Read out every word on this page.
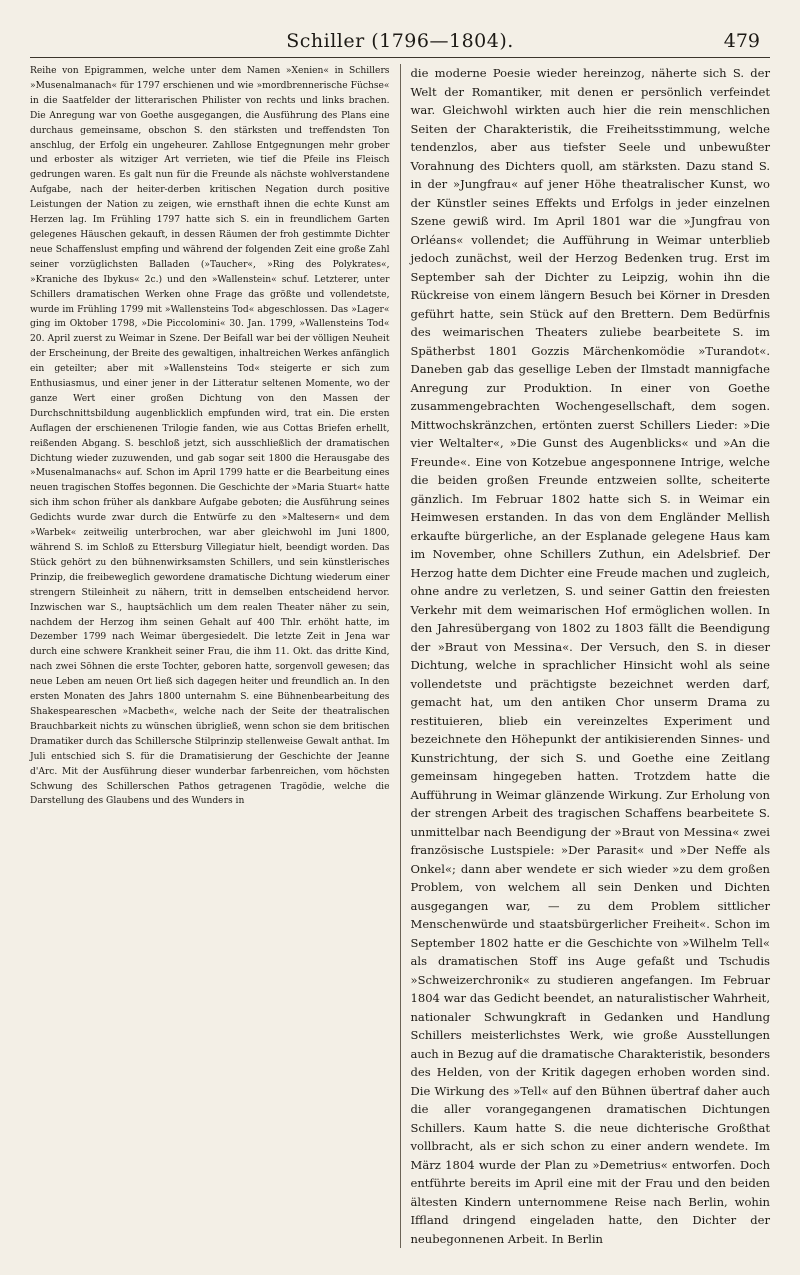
Schiller (1796—1804).	479

Reihe von Epigrammen, welche unter dem Namen »Xenien« in Schillers »Musenalmanach« für 1797 erschienen und wie »mordbrennerische Füchse« in die Saatfelder der litterarischen Philister von rechts und links brachen. Die Anregung war von Goethe ausgegangen, die Ausführung des Plans eine durchaus gemeinsame, obschon S. den stärksten und treffendsten Ton anschlug, der Erfolg ein ungeheurer. Zahllose Entgegnungen mehr grober und erboster als witziger Art verrieten, wie tief die Pfeile ins Fleisch gedrungen waren. Es galt nun für die Freunde als nächste wohlverstandene Aufgabe, nach der heiter-derben kritischen Negation durch positive Leistungen der Nation zu zeigen, wie ernsthaft ihnen die echte Kunst am Herzen lag. Im Frühling 1797 hatte sich S. ein in freundlichem Garten gelegenes Häuschen gekauft, in dessen Räumen der froh gestimmte Dichter neue Schaffenslust empfing und während der folgenden Zeit eine große Zahl seiner vorzüglichsten Balladen (»Taucher«, »Ring des Polykrates«, »Kraniche des Ibykus« 2c.) und den »Wallenstein« schuf. Letzterer, unter Schillers dramatischen Werken ohne Frage das größte und vollendetste, wurde im Frühling 1799 mit »Wallensteins Tod« abgeschlossen. Das »Lager« ging im Oktober 1798, »Die Piccolomini« 30. Jan. 1799, »Wallensteins Tod« 20. April zuerst zu Weimar in Szene. Der Beifall war bei der völligen Neuheit der Erscheinung, der Breite des gewaltigen, inhaltreichen Werkes anfänglich ein geteilter; aber mit »Wallensteins Tod« steigerte er sich zum Enthusiasmus, und einer jener in der Litteratur seltenen Momente, wo der ganze Wert einer großen Dichtung von den Massen der Durchschnittsbildung augenblicklich empfunden wird, trat ein. Die ersten Auflagen der erschienenen Trilogie fanden, wie aus Cottas Briefen erhellt, reißenden Abgang. S. beschloß jetzt, sich ausschließlich der dramatischen Dichtung wieder zuzuwenden, und gab sogar seit 1800 die Herausgabe des »Musenalmanachs« auf. Schon im April 1799 hatte er die Bearbeitung eines neuen tragischen Stoffes begonnen. Die Geschichte der »Maria Stuart« hatte sich ihm schon früher als dankbare Aufgabe geboten; die Ausführung seines Gedichts wurde zwar durch die Entwürfe zu den »Maltesern« und dem »Warbek« zeitweilig unterbrochen, war aber gleichwohl im Juni 1800, während S. im Schloß zu Ettersburg Villegiatur hielt, beendigt worden. Das Stück gehört zu den bühnenwirksamsten Schillers, und sein künstlerisches Prinzip, die freibeweglich gewordene dramatische Dichtung wiederum einer strengern Stileinheit zu nähern, tritt in demselben entscheidend hervor. Inzwischen war S., hauptsächlich um dem realen Theater näher zu sein, nachdem der Herzog ihm seinen Gehalt auf 400 Thlr. erhöht hatte, im Dezember 1799 nach Weimar übergesiedelt. Die letzte Zeit in Jena war durch eine schwere Krankheit seiner Frau, die ihm 11. Okt. das dritte Kind, nach zwei Söhnen die erste Tochter, geboren hatte, sorgenvoll gewesen; das neue Leben am neuen Ort ließ sich dagegen heiter und freundlich an. In den ersten Monaten des Jahrs 1800 unternahm S. eine Bühnenbearbeitung des Shakespeareschen »Macbeth«, welche nach der Seite der theatralischen Brauchbarkeit nichts zu wünschen übrigließ, wenn schon sie dem britischen Dramatiker durch das Schillersche Stilprinzip stellenweise Gewalt anthat. Im Juli entschied sich S. für die Dramatisierung der Geschichte der Jeanne d'Arc. Mit der Ausführung dieser wunderbar farbenreichen, vom höchsten Schwung des Schillerschen Pathos getragenen Tragödie, welche die Darstellung des Glaubens und des Wunders in

die moderne Poesie wieder hereinzog, näherte sich S. der Welt der Romantiker, mit denen er persönlich verfeindet war. Gleichwohl wirkten auch hier die rein menschlichen Seiten der Charakteristik, die Freiheitsstimmung, welche tendenzlos, aber aus tiefster Seele und unbewußter Vorahnung des Dichters quoll, am stärksten. Dazu stand S. in der »Jungfrau« auf jener Höhe theatralischer Kunst, wo der Künstler seines Effekts und Erfolgs in jeder einzelnen Szene gewiß wird. Im April 1801 war die »Jungfrau von Orléans« vollendet; die Aufführung in Weimar unterblieb jedoch zunächst, weil der Herzog Bedenken trug. Erst im September sah der Dichter zu Leipzig, wohin ihn die Rückreise von einem längern Besuch bei Körner in Dresden geführt hatte, sein Stück auf den Brettern. Dem Bedürfnis des weimarischen Theaters zuliebe bearbeitete S. im Spätherbst 1801 Gozzis Märchenkomödie »Turandot«. Daneben gab das gesellige Leben der Ilmstadt mannigfache Anregung zur Produktion. In einer von Goethe zusammengebrachten Wochengesellschaft, dem sogen. Mittwochskränzchen, ertönten zuerst Schillers Lieder: »Die vier Weltalter«, »Die Gunst des Augenblicks« und »An die Freunde«. Eine von Kotzebue angesponnene Intrige, welche die beiden großen Freunde entzweien sollte, scheiterte gänzlich. Im Februar 1802 hatte sich S. in Weimar ein Heimwesen erstanden. In das von dem Engländer Mellish erkaufte bürgerliche, an der Esplanade gelegene Haus kam im November, ohne Schillers Zuthun, ein Adelsbrief. Der Herzog hatte dem Dichter eine Freude machen und zugleich, ohne andre zu verletzen, S. und seiner Gattin den freiesten Verkehr mit dem weimarischen Hof ermöglichen wollen. In den Jahresübergang von 1802 zu 1803 fällt die Beendigung der »Braut von Messina«. Der Versuch, den S. in dieser Dichtung, welche in sprachlicher Hinsicht wohl als seine vollendetste und prächtigste bezeichnet werden darf, gemacht hat, um den antiken Chor unserm Drama zu restituieren, blieb ein vereinzeltes Experiment und bezeichnete den Höhepunkt der antikisierenden Sinnes- und Kunstrichtung, der sich S. und Goethe eine Zeitlang gemeinsam hingegeben hatten. Trotzdem hatte die Aufführung in Weimar glänzende Wirkung. Zur Erholung von der strengen Arbeit des tragischen Schaffens bearbeitete S. unmittelbar nach Beendigung der »Braut von Messina« zwei französische Lustspiele: »Der Parasit« und »Der Neffe als Onkel«; dann aber wendete er sich wieder »zu dem großen Problem, von welchem all sein Denken und Dichten ausgegangen war, — zu dem Problem sittlicher Menschenwürde und staatsbürgerlicher Freiheit«. Schon im September 1802 hatte er die Geschichte von »Wilhelm Tell« als dramatischen Stoff ins Auge gefaßt und Tschudis »Schweizerchronik« zu studieren angefangen. Im Februar 1804 war das Gedicht beendet, an naturalistischer Wahrheit, nationaler Schwungkraft in Gedanken und Handlung Schillers meisterlichstes Werk, wie große Ausstellungen auch in Bezug auf die dramatische Charakteristik, besonders des Helden, von der Kritik dagegen erhoben worden sind. Die Wirkung des »Tell« auf den Bühnen übertraf daher auch die aller vorangegangenen dramatischen Dichtungen Schillers. Kaum hatte S. die neue dichterische Großthat vollbracht, als er sich schon zu einer andern wendete. Im März 1804 wurde der Plan zu »Demetrius« entworfen. Doch entführte bereits im April eine mit der Frau und den beiden ältesten Kindern unternommene Reise nach Berlin, wohin Iffland dringend eingeladen hatte, den Dichter der neubegonnenen Arbeit. In Berlin
